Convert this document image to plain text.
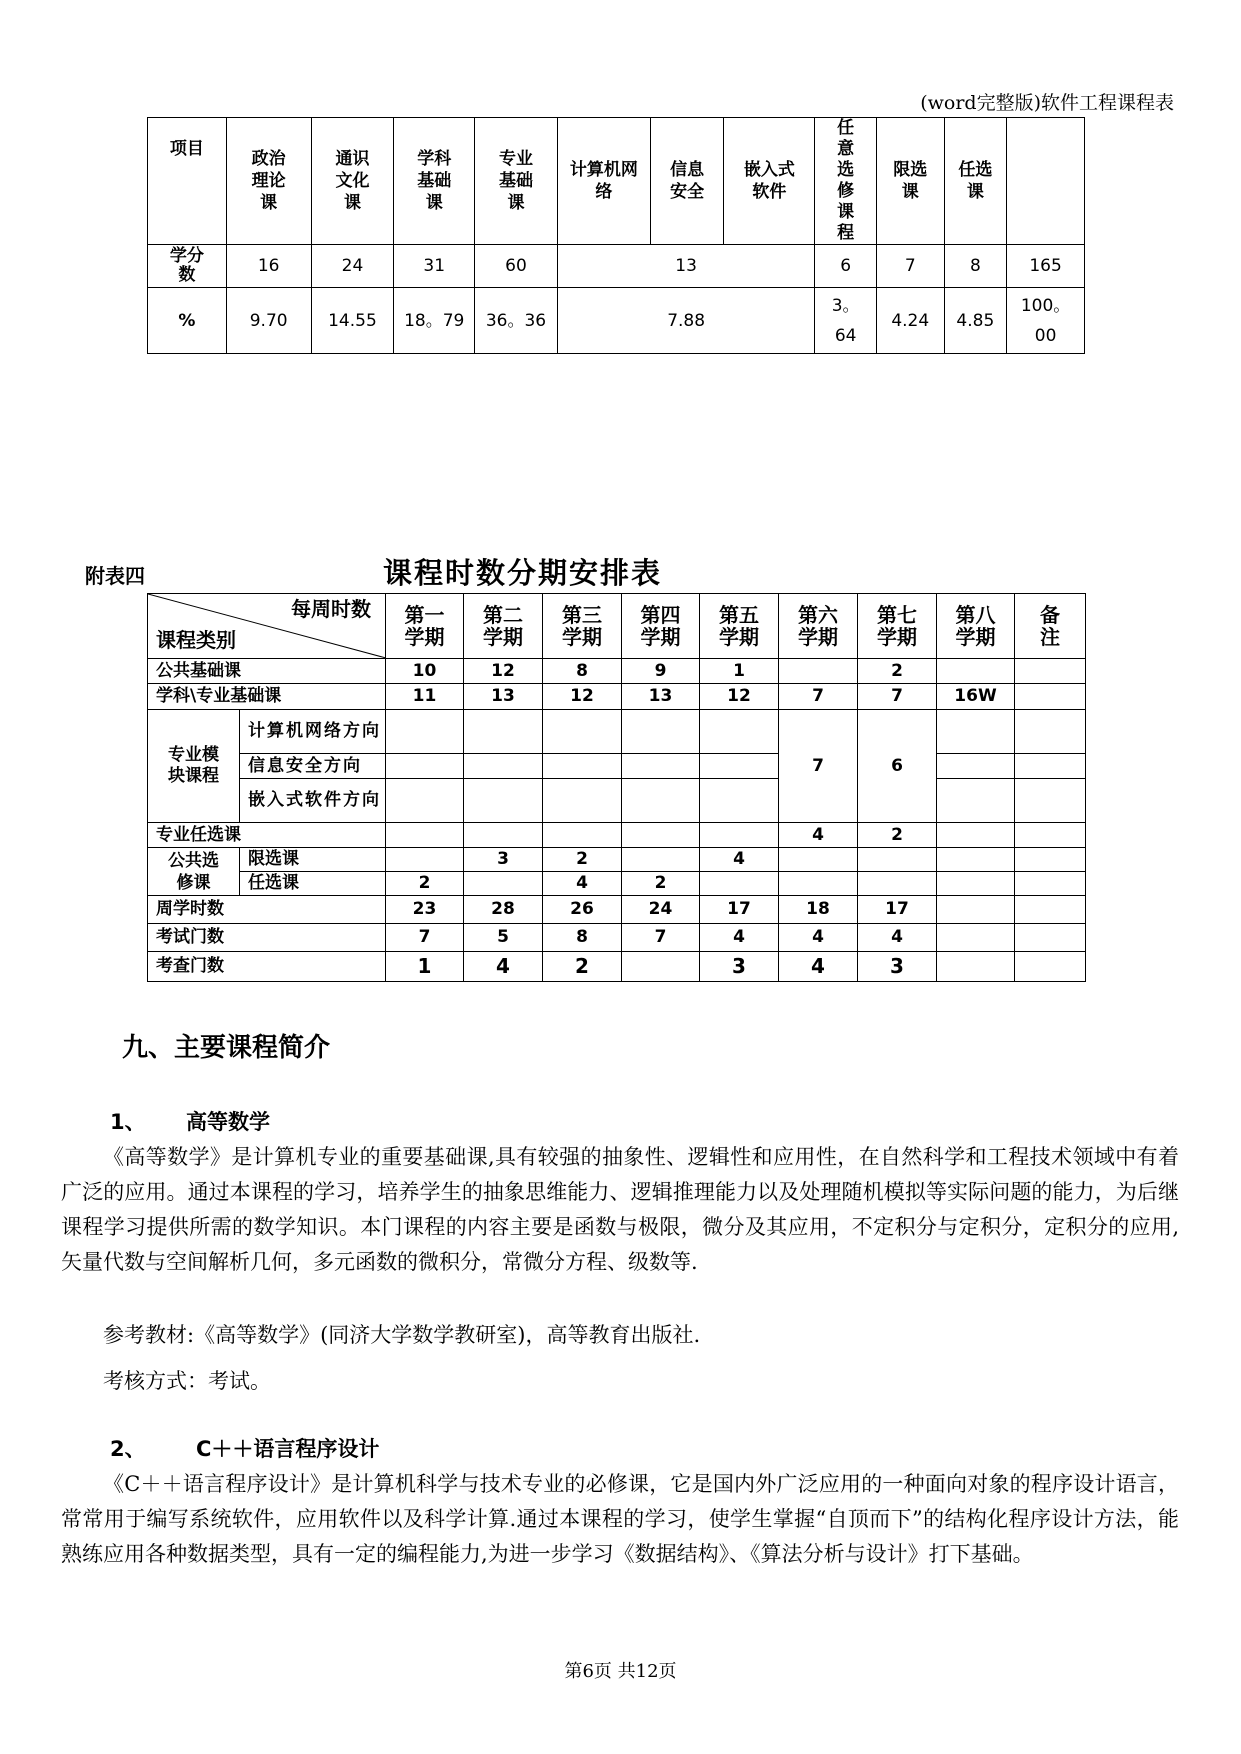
(word完整版)软件工程课程表
项目	政治理论课	通识文化课	学科基础课	专业基础课	计算机网络	信息安全	嵌入式软件	任意选修课程	限选课	任选课	
学分数	16	24	31	60	13			6	7	8	165
%	9.70	14.55	18。79	36。36	7.88			3。64	4.24	4.85	100。00
附表四	课程时数分期安排表
每周时数
课程类别		第一学期	第二学期	第三学期	第四学期	第五学期	第六学期	第七学期	第八学期	备注
公共基础课		10	12	8	9	1		2		
学科\专业基础课		11	13	12	13	12	7	7	16W	
专业模块课程	计算机网络方向						7	6		
	信息安全方向									
	嵌入式软件方向									
专业任选课							4	2		
公共选修课	限选课		3	2		4				
	任选课	2		4	2					
周学时数		23	28	26	24	17	18	17		
考试门数		7	5	8	7	4	4	4		
考查门数		1	4	2		3	4	3		
九、主要课程简介
1、 高等数学
《高等数学》是计算机专业的重要基础课,具有较强的抽象性、逻辑性和应用性，在自然科学和工程技术领域中有着广泛的应用。通过本课程的学习，培养学生的抽象思维能力、逻辑推理能力以及处理随机模拟等实际问题的能力，为后继课程学习提供所需的数学知识。本门课程的内容主要是函数与极限，微分及其应用，不定积分与定积分，定积分的应用,矢量代数与空间解析几何，多元函数的微积分，常微分方程、级数等.
参考教材:《高等数学》(同济大学数学教研室)，高等教育出版社.
考核方式：考试。
2、 C＋＋语言程序设计
《C＋＋语言程序设计》是计算机科学与技术专业的必修课，它是国内外广泛应用的一种面向对象的程序设计语言，常常用于编写系统软件，应用软件以及科学计算.通过本课程的学习，使学生掌握“自顶而下”的结构化程序设计方法，能熟练应用各种数据类型，具有一定的编程能力,为进一步学习《数据结构》、《算法分析与设计》打下基础。
第6页 共12页
